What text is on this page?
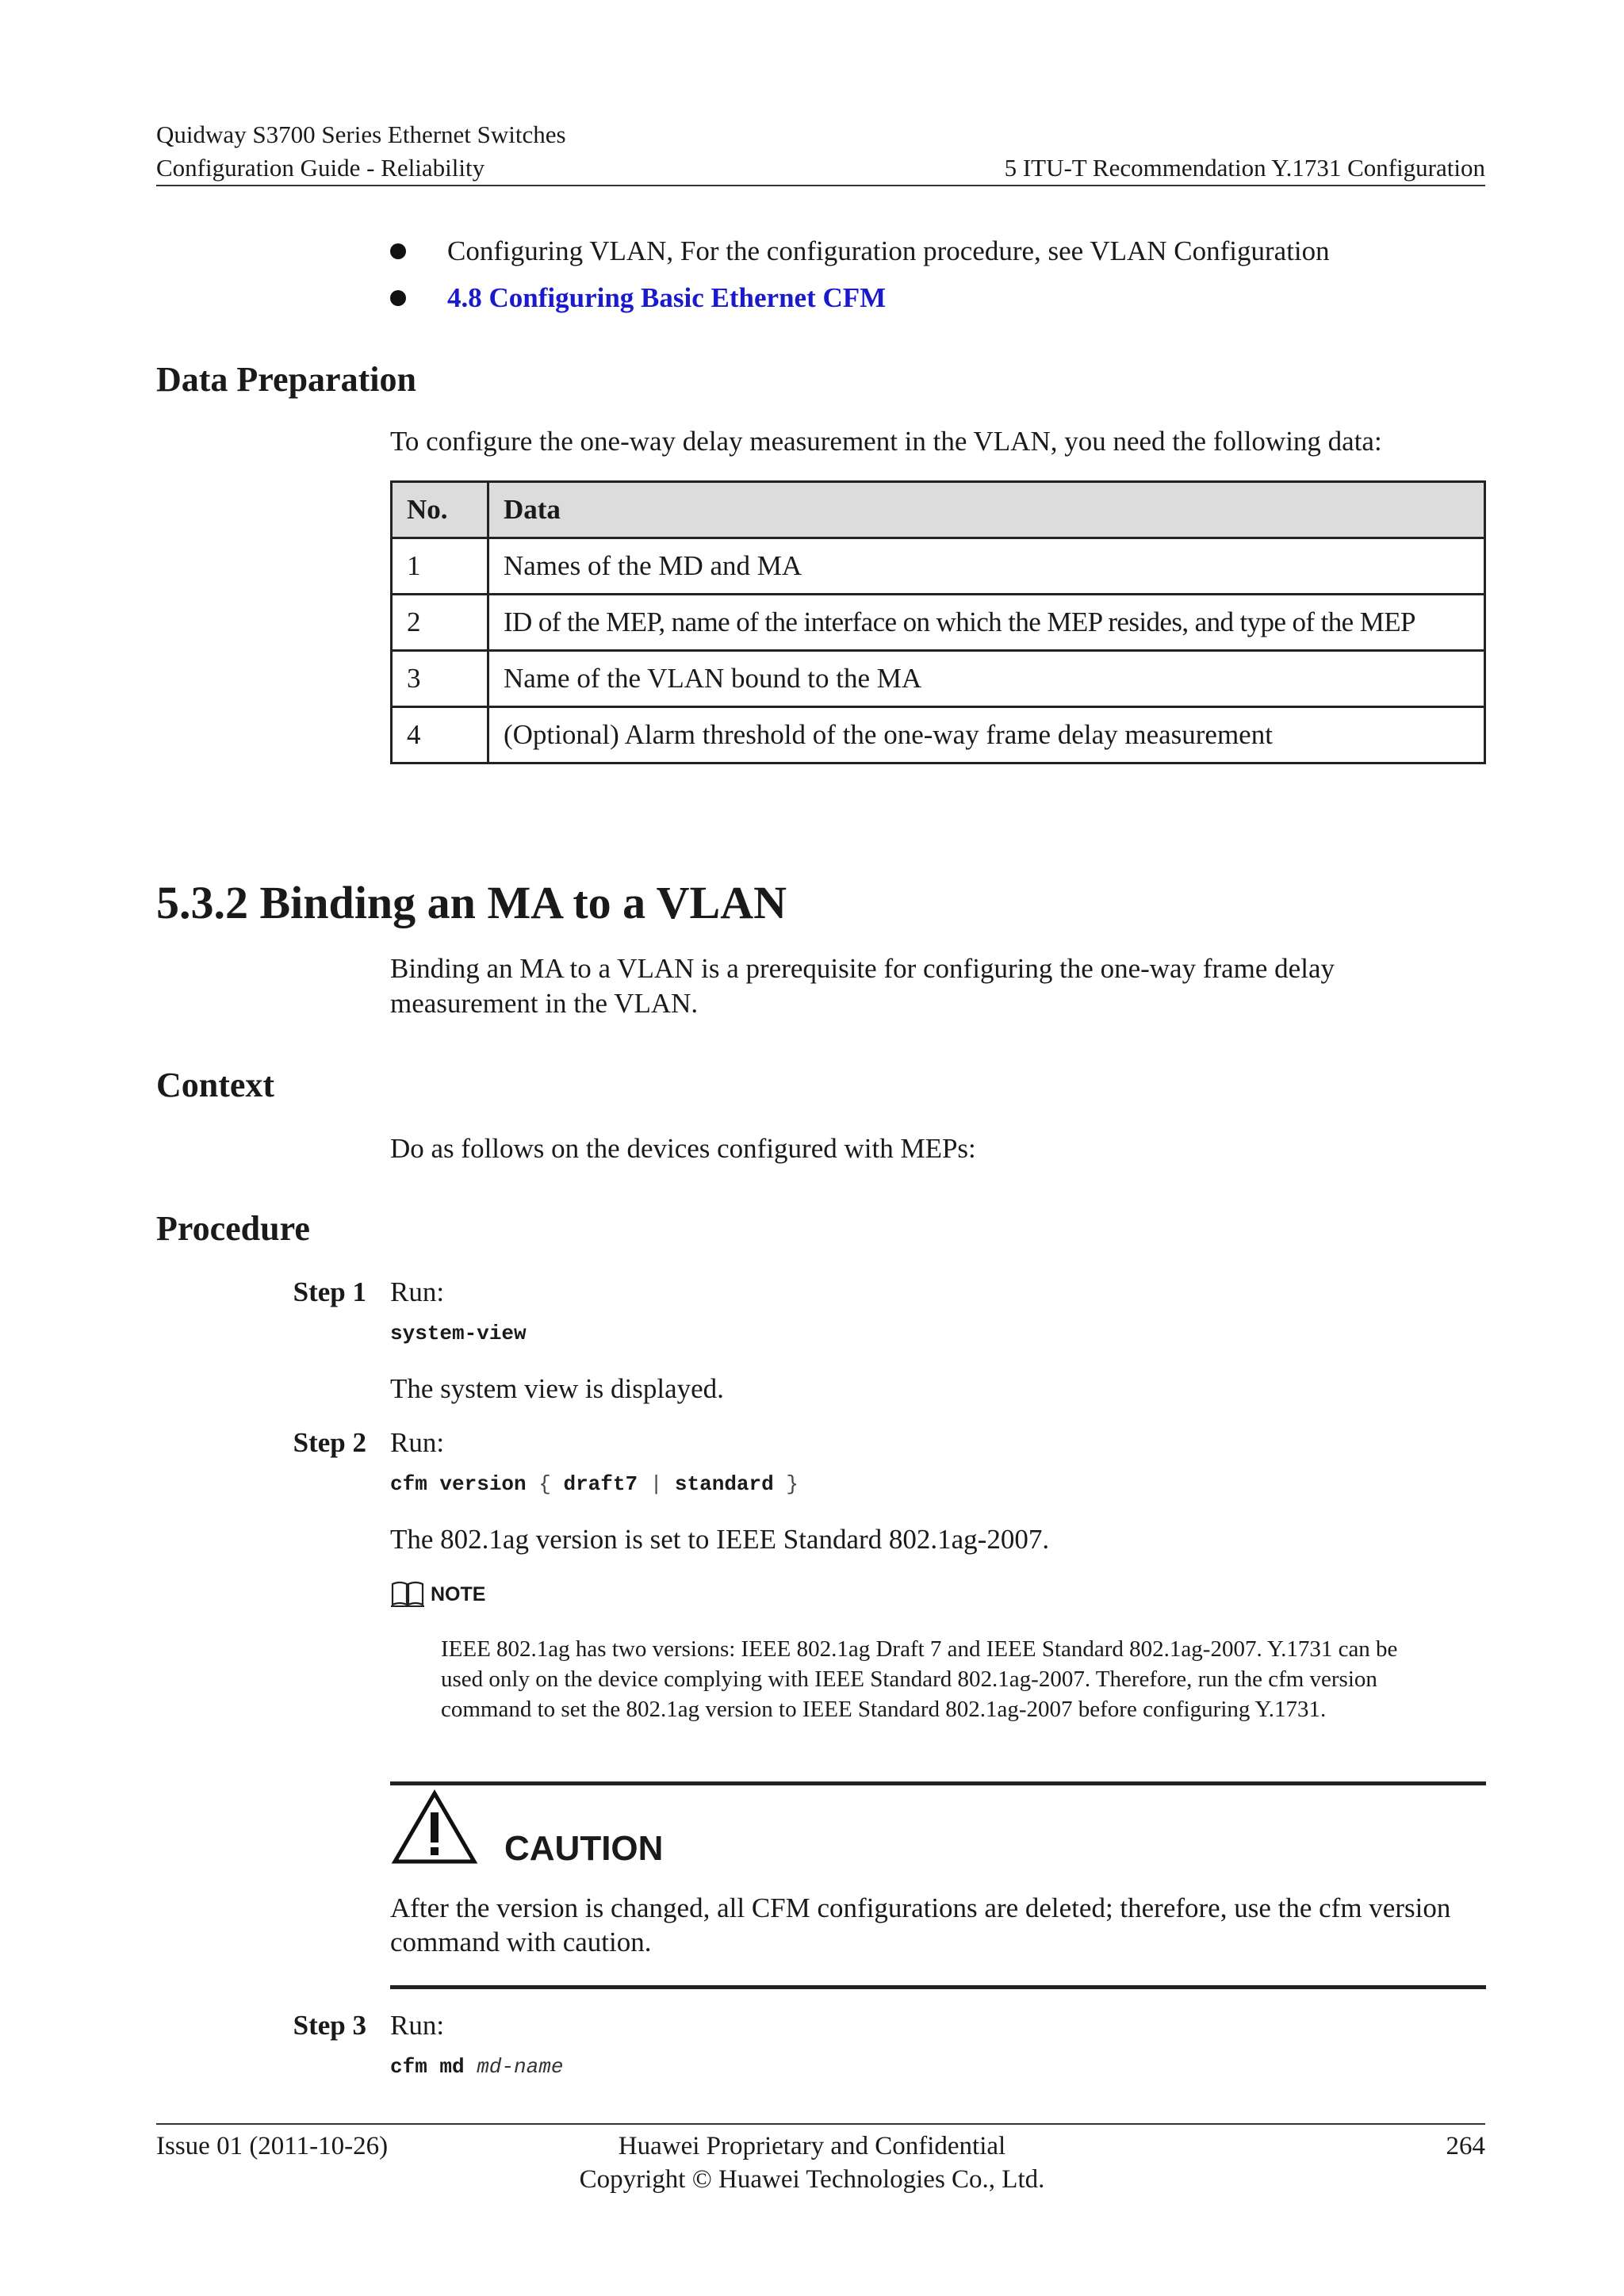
Quidway S3700 Series Ethernet Switches
Configuration Guide - Reliability	5 ITU-T Recommendation Y.1731 Configuration
Configuring VLAN, For the configuration procedure, see VLAN Configuration
4.8 Configuring Basic Ethernet CFM
Data Preparation
To configure the one-way delay measurement in the VLAN, you need the following data:
No.	Data
1	Names of the MD and MA
2	ID of the MEP, name of the interface on which the MEP resides, and type of the MEP
3	Name of the VLAN bound to the MA
4	(Optional) Alarm threshold of the one-way frame delay measurement
5.3.2 Binding an MA to a VLAN
Binding an MA to a VLAN is a prerequisite for configuring the one-way frame delay measurement in the VLAN.
Context
Do as follows on the devices configured with MEPs:
Procedure
Step 1 Run:
system-view
The system view is displayed.
Step 2 Run:
cfm version { draft7 | standard }
The 802.1ag version is set to IEEE Standard 802.1ag-2007.
NOTE
IEEE 802.1ag has two versions: IEEE 802.1ag Draft 7 and IEEE Standard 802.1ag-2007. Y.1731 can be
used only on the device complying with IEEE Standard 802.1ag-2007. Therefore, run the cfm version
command to set the 802.1ag version to IEEE Standard 802.1ag-2007 before configuring Y.1731.
CAUTION
After the version is changed, all CFM configurations are deleted; therefore, use the cfm version
command with caution.
Step 3 Run:
cfm md md-name
Issue 01 (2011-10-26)	Huawei Proprietary and Confidential
Copyright © Huawei Technologies Co., Ltd.
264
